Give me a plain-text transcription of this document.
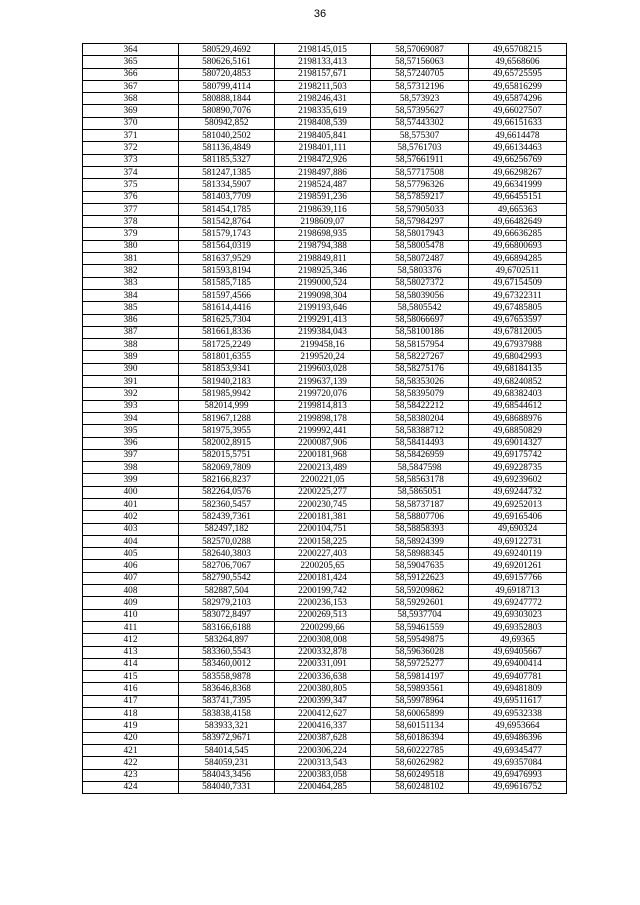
36
364	580529,4692	2198145,015	58,57069087	49,65708215
365	580626,5161	2198133,413	58,57156063	49,6568606
366	580720,4853	2198157,671	58,57240705	49,65725595
367	580799,4114	2198211,503	58,57312196	49,65816299
368	580888,1844	2198246,431	58,573923	49,65874296
369	580890,7076	2198335,619	58,57395627	49,66027507
370	580942,852	2198408,539	58,57443302	49,66151633
371	581040,2502	2198405,841	58,575307	49,6614478
372	581136,4849	2198401,111	58,5761703	49,66134463
373	581185,5327	2198472,926	58,57661911	49,66256769
374	581247,1385	2198497,886	58,57717508	49,66298267
375	581334,5907	2198524,487	58,57796326	49,66341999
376	581403,7709	2198591,236	58,57859217	49,66455151
377	581454,1785	2198639,116	58,57905033	49,665363
378	581542,8764	2198609,07	58,57984297	49,66482649
379	581579,1743	2198698,935	58,58017943	49,66636285
380	581564,0319	2198794,388	58,58005478	49,66800693
381	581637,9529	2198849,811	58,58072487	49,66894285
382	581593,8194	2198925,346	58,5803376	49,6702511
383	581585,7185	2199000,524	58,58027372	49,67154509
384	581597,4566	2199098,304	58,58039056	49,67322311
385	581614,4416	2199193,646	58,5805542	49,67485805
386	581625,7304	2199291,413	58,58066697	49,67653597
387	581661,8336	2199384,043	58,58100186	49,67812005
388	581725,2249	2199458,16	58,58157954	49,67937988
389	581801,6355	2199520,24	58,58227267	49,68042993
390	581853,9341	2199603,028	58,58275176	49,68184135
391	581940,2183	2199637,139	58,58353026	49,68240852
392	581985,9942	2199720,076	58,58395079	49,68382403
393	582014,999	2199814,813	58,58422212	49,68544612
394	581967,1288	2199898,178	58,58380204	49,68688976
395	581975,3955	2199992,441	58,58388712	49,68850829
396	582002,8915	2200087,906	58,58414493	49,69014327
397	582015,5751	2200181,968	58,58426959	49,69175742
398	582069,7809	2200213,489	58,5847598	49,69228735
399	582166,8237	2200221,05	58,58563178	49,69239602
400	582264,0576	2200225,277	58,5865051	49,69244732
401	582360,5457	2200230,745	58,58737187	49,69252013
402	582439,7361	2200181,381	58,58807706	49,69165406
403	582497,182	2200104,751	58,58858393	49,690324
404	582570,0288	2200158,225	58,58924399	49,69122731
405	582640,3803	2200227,403	58,58988345	49,69240119
406	582706,7067	2200205,65	58,59047635	49,69201261
407	582790,5542	2200181,424	58,59122623	49,69157766
408	582887,504	2200199,742	58,59209862	49,6918713
409	582979,2103	2200236,153	58,59292601	49,69247772
410	583072,8497	2200269,513	58,5937704	49,69303023
411	583166,6188	2200299,66	58,59461559	49,69352803
412	583264,897	2200308,008	58,59549875	49,69365
413	583360,5543	2200332,878	58,59636028	49,69405667
414	583460,0012	2200331,091	58,59725277	49,69400414
415	583558,9878	2200336,638	58,59814197	49,69407781
416	583646,8368	2200380,805	58,59893561	49,69481809
417	583741,7395	2200399,347	58,59978964	49,69511617
418	583838,4158	2200412,627	58,60065899	49,69532338
419	583933,321	2200416,337	58,60151134	49,6953664
420	583972,9671	2200387,628	58,60186394	49,69486396
421	584014,545	2200306,224	58,60222785	49,69345477
422	584059,231	2200313,543	58,60262982	49,69357084
423	584043,3456	2200383,058	58,60249518	49,69476993
424	584040,7331	2200464,285	58,60248102	49,69616752
